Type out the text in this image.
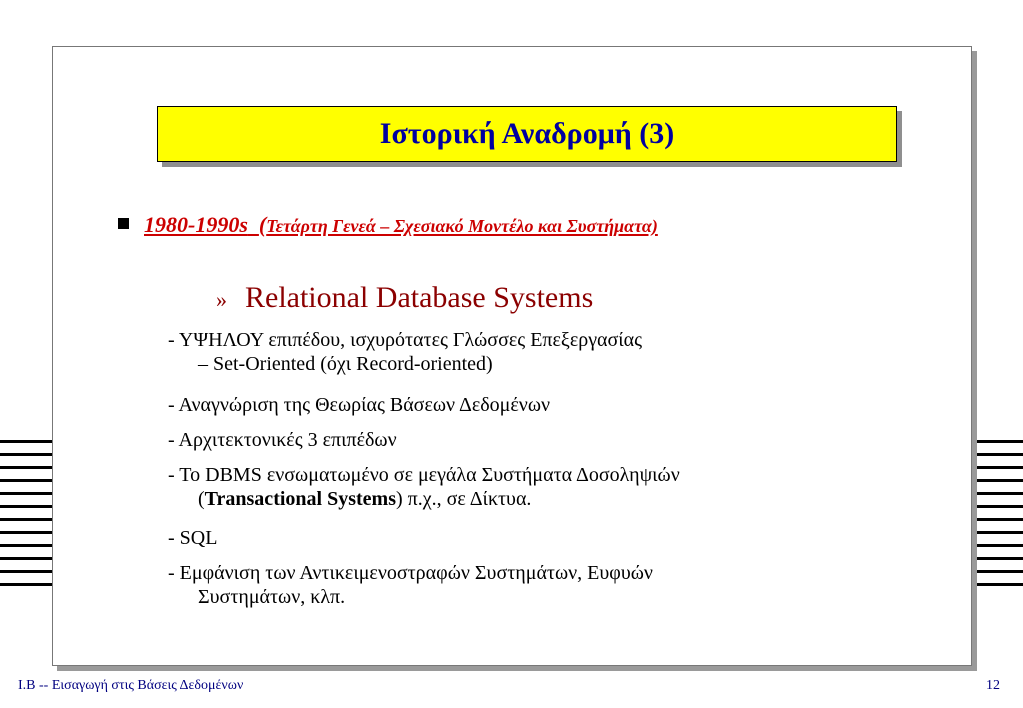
Ιστορική Αναδρομή (3)
1980-1990s (Τετάρτη Γενεά – Σχεσιακό Μοντέλο και Συστήματα)
» Relational Database Systems
- ΥΨΗΛΟΥ επιπέδου, ισχυρότατες Γλώσσες Επεξεργασίας
– Set-Oriented (όχι Record-oriented)
- Αναγνώριση της Θεωρίας Βάσεων Δεδομένων
- Αρχιτεκτονικές 3 επιπέδων
- Το DBMS ενσωματωμένο σε μεγάλα Συστήματα Δοσοληψιών
(Transactional Systems) π.χ., σε Δίκτυα.
- SQL
- Εμφάνιση των Αντικειμενοστραφών Συστημάτων, Ευφυών
Συστημάτων, κλπ.
I.B -- Εισαγωγή στις Βάσεις Δεδομένων	12
